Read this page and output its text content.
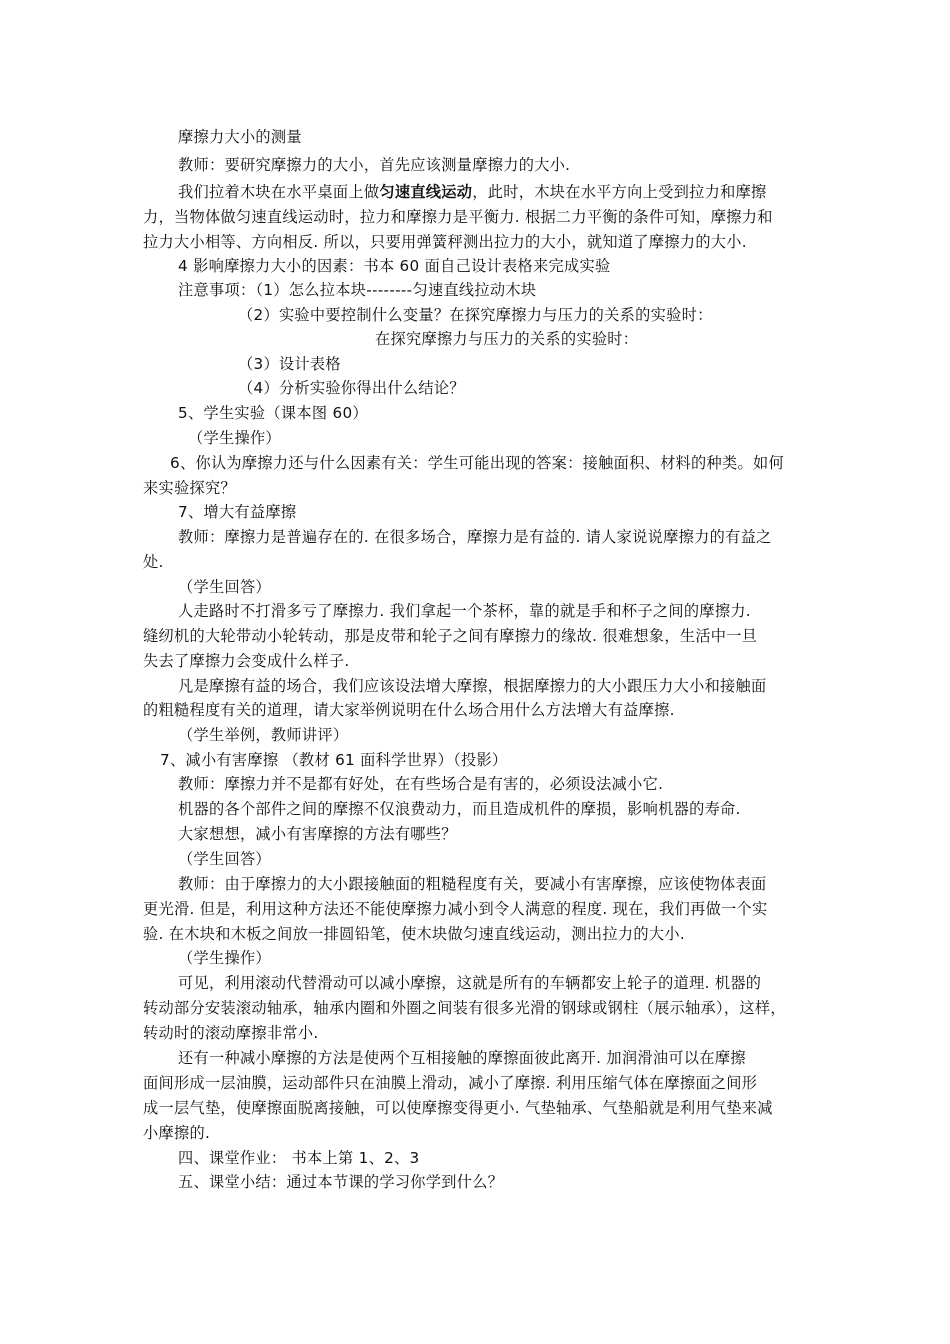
摩擦力大小的测量
教师：要研究摩擦力的大小，首先应该测量摩擦力的大小.
我们拉着木块在水平桌面上做匀速直线运动，此时，木块在水平方向上受到拉力和摩擦
力，当物体做匀速直线运动时，拉力和摩擦力是平衡力. 根据二力平衡的条件可知，摩擦力和
拉力大小相等、方向相反. 所以，只要用弹簧秤测出拉力的大小，就知道了摩擦力的大小.
4 影响摩擦力大小的因素：书本 60 面自己设计表格来完成实验
注意事项：（1）怎么拉本块--------匀速直线拉动木块
（2）实验中要控制什么变量？在探究摩擦力与压力的关系的实验时：
在探究摩擦力与压力的关系的实验时：
（3）设计表格
（4）分析实验你得出什么结论？
5、学生实验（课本图 60）
（学生操作）
6、你认为摩擦力还与什么因素有关：学生可能出现的答案：接触面积、材料的种类。如何
来实验探究？
7、增大有益摩擦
教师：摩擦力是普遍存在的. 在很多场合，摩擦力是有益的. 请人家说说摩擦力的有益之
处.
（学生回答）
人走路时不打滑多亏了摩擦力. 我们拿起一个茶杯，靠的就是手和杯子之间的摩擦力.
缝纫机的大轮带动小轮转动，那是皮带和轮子之间有摩擦力的缘故. 很难想象，生活中一旦
失去了摩擦力会变成什么样子.
凡是摩擦有益的场合，我们应该设法增大摩擦，根据摩擦力的大小跟压力大小和接触面
的粗糙程度有关的道理，请大家举例说明在什么场合用什么方法增大有益摩擦.
（学生举例，教师讲评）
7、减小有害摩擦 （教材 61 面科学世界）（投影）
教师：摩擦力并不是都有好处，在有些场合是有害的，必须设法减小它.
机器的各个部件之间的摩擦不仅浪费动力，而且造成机件的摩损，影响机器的寿命.
大家想想，减小有害摩擦的方法有哪些？
（学生回答）
教师：由于摩擦力的大小跟接触面的粗糙程度有关，要减小有害摩擦，应该使物体表面
更光滑. 但是，利用这种方法还不能使摩擦力减小到令人满意的程度. 现在，我们再做一个实
验. 在木块和木板之间放一排圆铅笔，使木块做匀速直线运动，测出拉力的大小.
（学生操作）
可见，利用滚动代替滑动可以减小摩擦，这就是所有的车辆都安上轮子的道理. 机器的
转动部分安装滚动轴承，轴承内圈和外圈之间装有很多光滑的钢球或钢柱（展示轴承），这样，
转动时的滚动摩擦非常小.
还有一种减小摩擦的方法是使两个互相接触的摩擦面彼此离开. 加润滑油可以在摩擦
面间形成一层油膜，运动部件只在油膜上滑动，减小了摩擦. 利用压缩气体在摩擦面之间形
成一层气垫，使摩擦面脱离接触，可以使摩擦变得更小. 气垫轴承、气垫船就是利用气垫来减
小摩擦的.
四、课堂作业： 书本上第 1、2、3
五、课堂小结：通过本节课的学习你学到什么？
